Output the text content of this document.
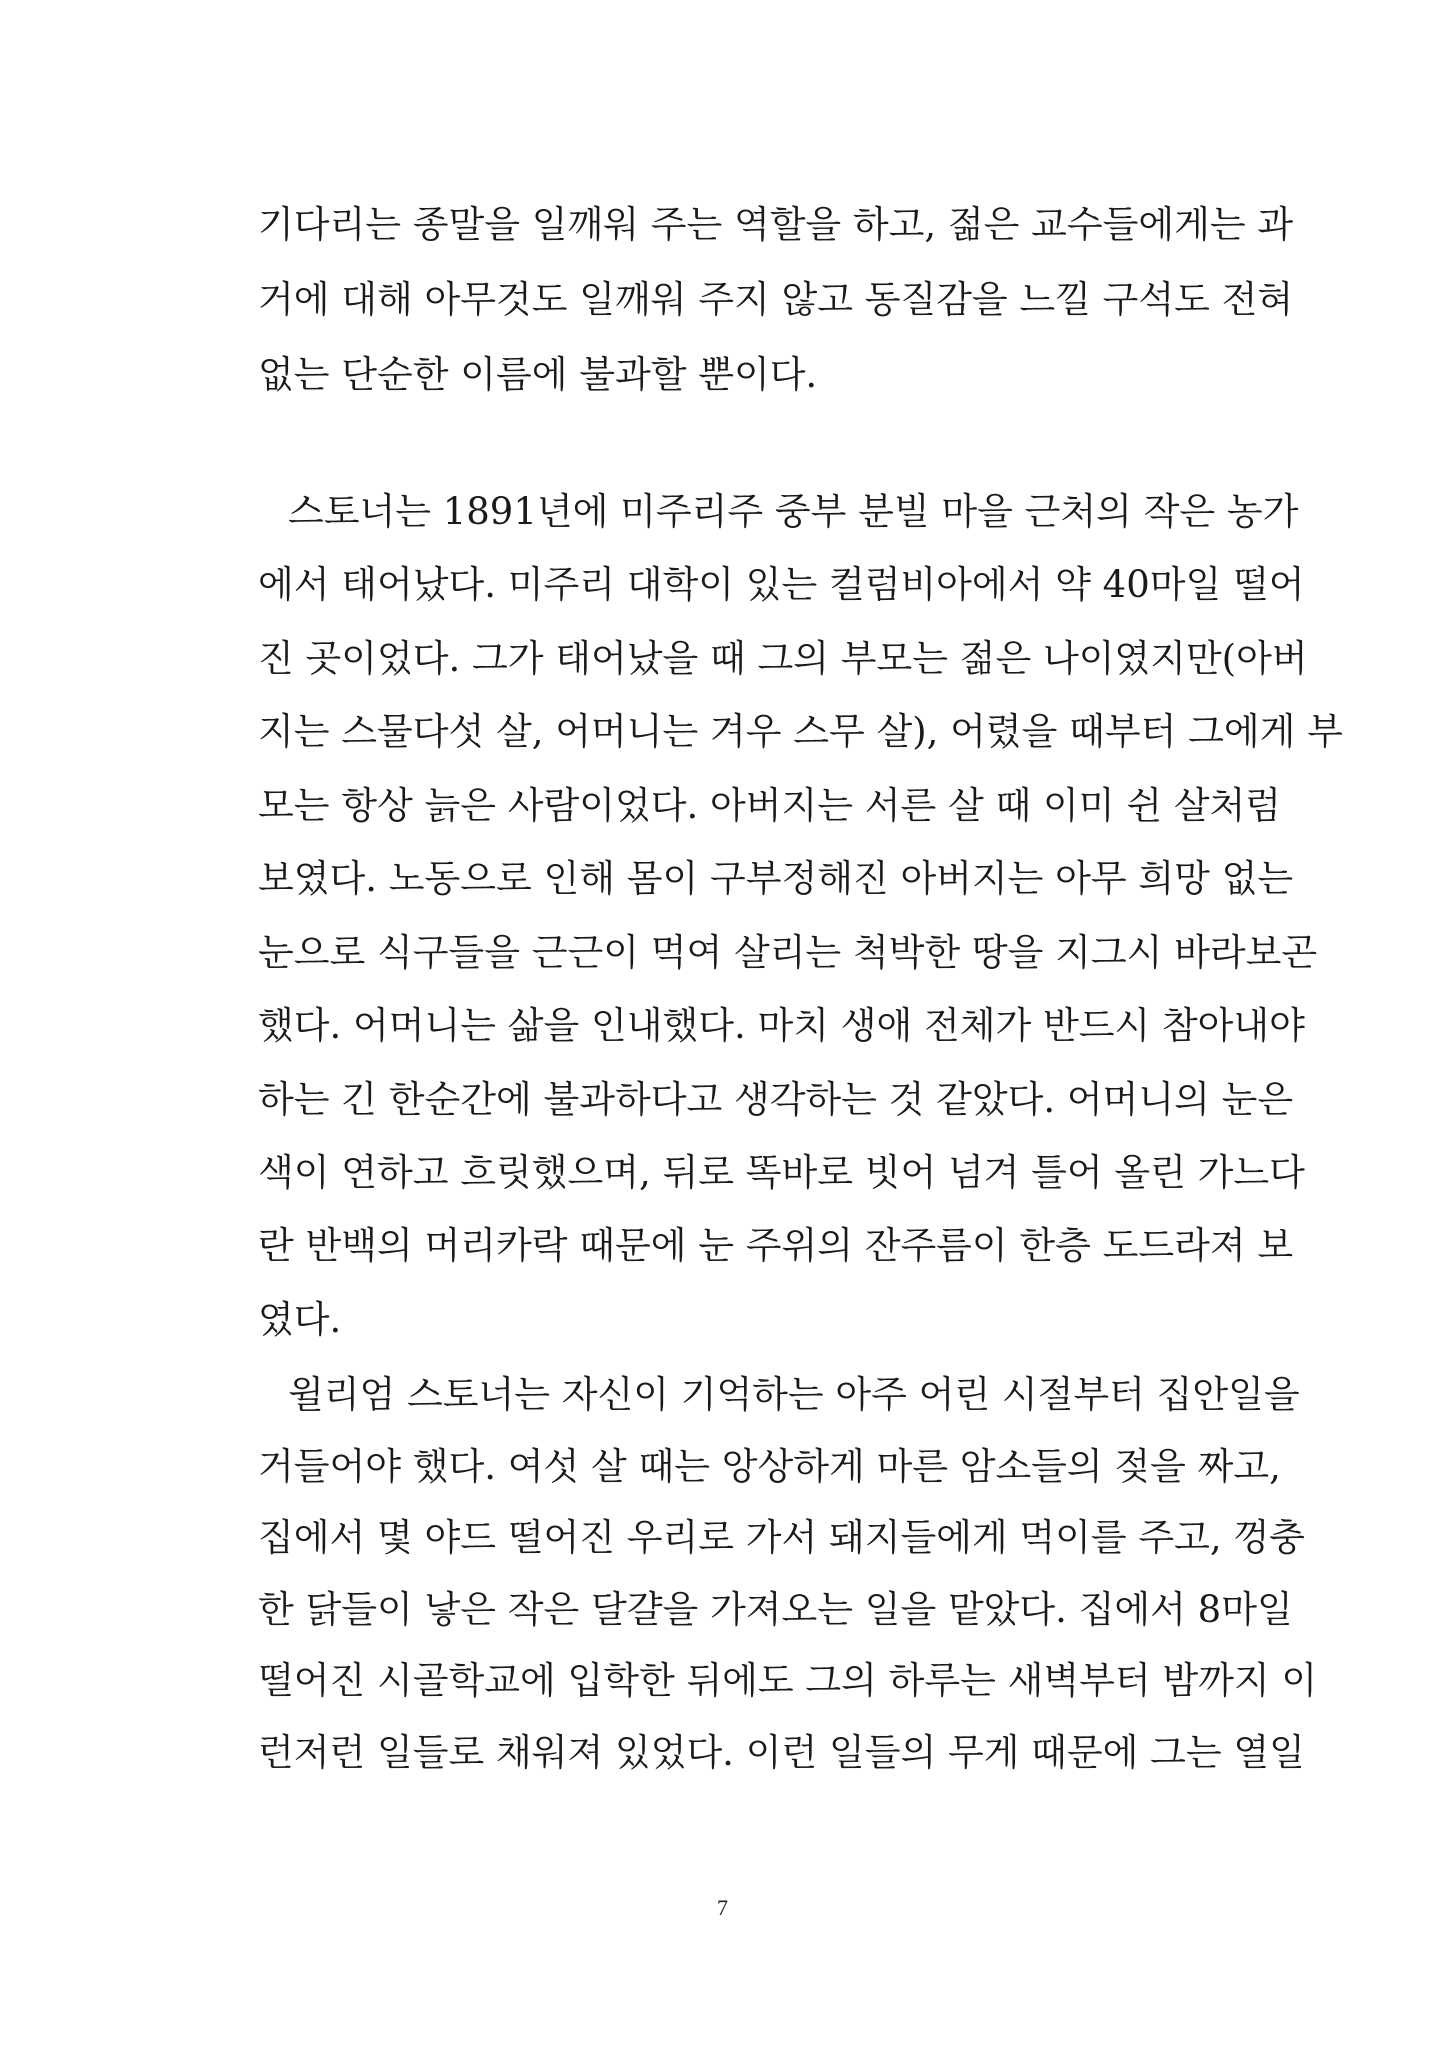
기다리는 종말을 일깨워 주는 역할을 하고, 젊은 교수들에게는 과
거에 대해 아무것도 일깨워 주지 않고 동질감을 느낄 구석도 전혀
없는 단순한 이름에 불과할 뿐이다.
스토너는 1891년에 미주리주 중부 분빌 마을 근처의 작은 농가
에서 태어났다. 미주리 대학이 있는 컬럼비아에서 약 40마일 떨어
진 곳이었다. 그가 태어났을 때 그의 부모는 젊은 나이였지만(아버
지는 스물다섯 살, 어머니는 겨우 스무 살), 어렸을 때부터 그에게 부
모는 항상 늙은 사람이었다. 아버지는 서른 살 때 이미 쉰 살처럼
보였다. 노동으로 인해 몸이 구부정해진 아버지는 아무 희망 없는
눈으로 식구들을 근근이 먹여 살리는 척박한 땅을 지그시 바라보곤
했다. 어머니는 삶을 인내했다. 마치 생애 전체가 반드시 참아내야
하는 긴 한순간에 불과하다고 생각하는 것 같았다. 어머니의 눈은
색이 연하고 흐릿했으며, 뒤로 똑바로 빗어 넘겨 틀어 올린 가느다
란 반백의 머리카락 때문에 눈 주위의 잔주름이 한층 도드라져 보
였다.
윌리엄 스토너는 자신이 기억하는 아주 어린 시절부터 집안일을
거들어야 했다. 여섯 살 때는 앙상하게 마른 암소들의 젖을 짜고,
집에서 몇 야드 떨어진 우리로 가서 돼지들에게 먹이를 주고, 껑충
한 닭들이 낳은 작은 달걀을 가져오는 일을 맡았다. 집에서 8마일
떨어진 시골학교에 입학한 뒤에도 그의 하루는 새벽부터 밤까지 이
런저런 일들로 채워져 있었다. 이런 일들의 무게 때문에 그는 열일
7
